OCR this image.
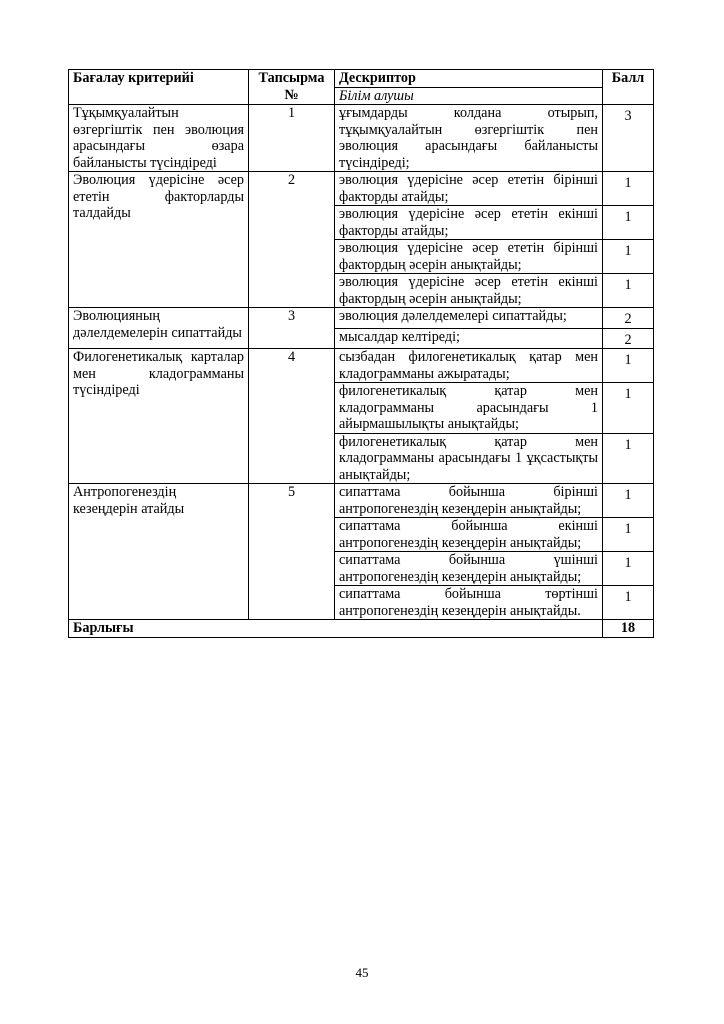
Бағалау критерийі	Тапсырма №	Дескриптор	Балл
		Білім алушы	
Тұқымқуалайтын өзгергіштік пен эволюция арасындағы өзара байланысты түсіндіреді	1	ұғымдарды колдана отырып, тұқымқуалайтын өзгергіштік пен эволюция арасындағы байланысты түсіндіреді;	3
Эволюция үдерісіне әсер ететін факторларды талдайды	2	эволюция үдерісіне әсер ететін бірінші факторды атайды;	1
		эволюция үдерісіне әсер ететін екінші факторды атайды;	1
		эволюция үдерісіне әсер ететін бірінші фактордың әсерін анықтайды;	1
		эволюция үдерісіне әсер ететін екінші фактордың әсерін анықтайды;	1
Эволюцияның дәлелдемелерін сипаттайды	3	эволюция дәлелдемелері сипаттайды;	2
		мысалдар келтіреді;	2
Филогенетикалық карталар мен кладограмманы түсіндіреді	4	сызбадан филогенетикалық қатар мен кладограмманы ажыратады;	1
		филогенетикалық қатар мен кладограмманы арасындағы 1 айырмашылықты анықтайды;	1
		филогенетикалық қатар мен кладограмманы арасындағы 1 ұқсастықты анықтайды;	1
Антропогенездің кезеңдерін атайды	5	сипаттама бойынша бірінші антропогенездің кезеңдерін анықтайды;	1
		сипаттама бойынша екінші антропогенездің кезеңдерін анықтайды;	1
		сипаттама бойынша үшінші антропогенездің кезеңдерін анықтайды;	1
		сипаттама бойынша төртінші антропогенездің кезеңдерін анықтайды.	1
Барлығы			18
45
